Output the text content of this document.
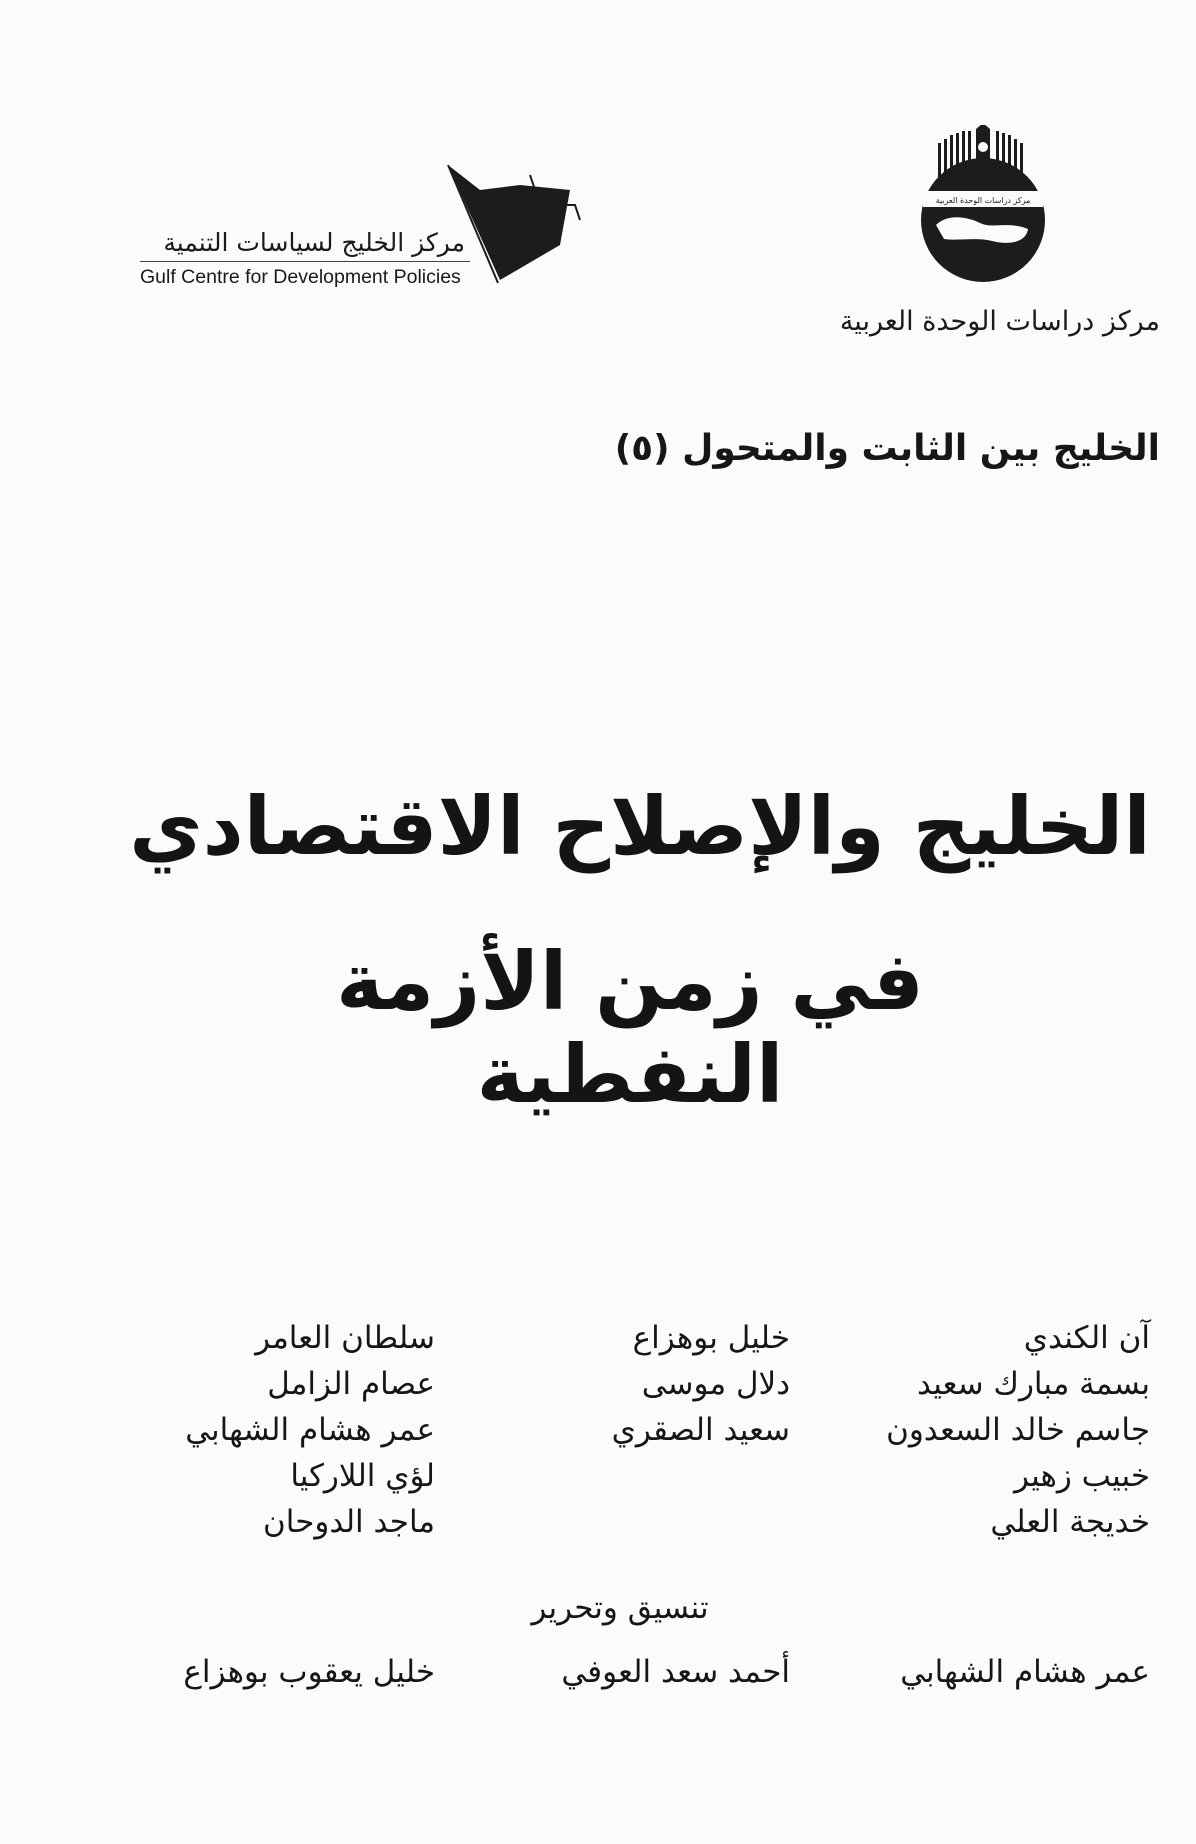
مركز دراسات الوحدة العربية
مركز دراسات الوحدة العربية
مركز الخليج لسياسات التنمية
Gulf Centre for Development Policies
الخليج بين الثابت والمتحول (٥)
الخليج والإصلاح الاقتصادي
في زمن الأزمة النفطية
آن الكندي
بسمة مبارك سعيد
جاسم خالد السعدون
خبيب زهير
خديجة العلي
خليل بوهزاع
دلال موسى
سعيد الصقري
سلطان العامر
عصام الزامل
عمر هشام الشهابي
لؤي اللاركيا
ماجد الدوحان
تنسيق وتحرير
عمر هشام الشهابي
أحمد سعد العوفي
خليل يعقوب بوهزاع
